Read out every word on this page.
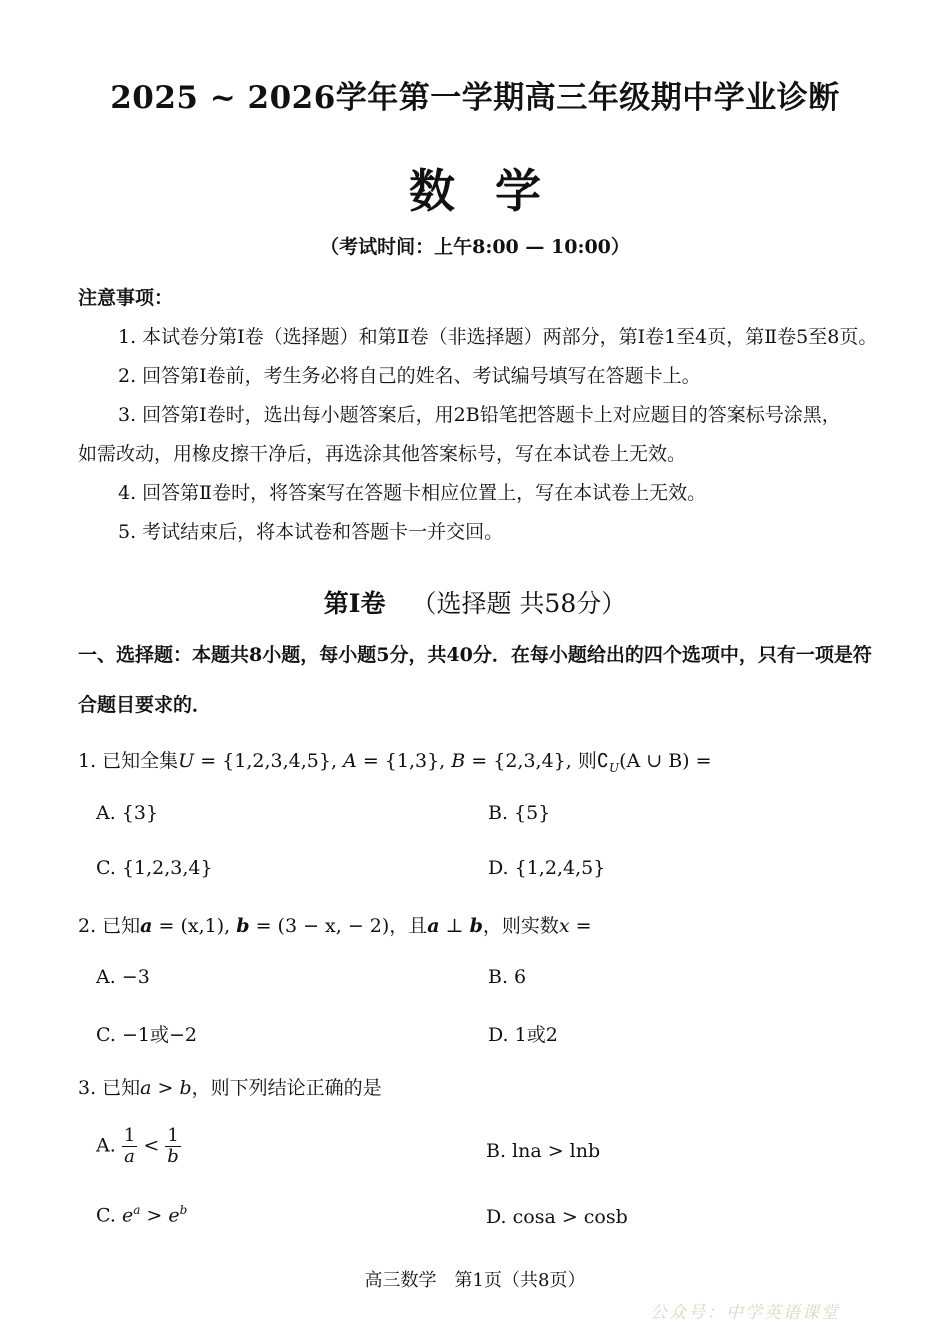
2025 ~ 2026学年第一学期高三年级期中学业诊断
数学
（考试时间：上午8:00 — 10:00）
注意事项：
1. 本试卷分第Ⅰ卷（选择题）和第Ⅱ卷（非选择题）两部分，第Ⅰ卷1至4页，第Ⅱ卷5至8页。
2. 回答第Ⅰ卷前，考生务必将自己的姓名、考试编号填写在答题卡上。
3. 回答第Ⅰ卷时，选出每小题答案后，用2B铅笔把答题卡上对应题目的答案标号涂黑，
如需改动，用橡皮擦干净后，再选涂其他答案标号，写在本试卷上无效。
4. 回答第Ⅱ卷时，将答案写在答题卡相应位置上，写在本试卷上无效。
5. 考试结束后，将本试卷和答题卡一并交回。
第Ⅰ卷 （选择题 共58分）
一、选择题：本题共8小题，每小题5分，共40分．在每小题给出的四个选项中，只有一项是符
合题目要求的．
1. 已知全集U = {1,2,3,4,5}, A = {1,3}, B = {2,3,4}, 则$∁_U(A$ ∪ B) =
A. {3}	B. {5}
C. {1,2,3,4}	D. {1,2,4,5}
2. 已知a = (x,1), b = (3 − x, − 2)，且a ⊥ b，则实数x =
A. −3	B. 6
C. −1或−2	D. 1或2
3. 已知a > b，则下列结论正确的是
A. $\frac{1}{a} < \frac{1}{b}$	B. lna > lnb
C. $e^a > e^b$	D. cosa > cosb
高三数学　第1页（共8页）
公众号：中学英语课堂
